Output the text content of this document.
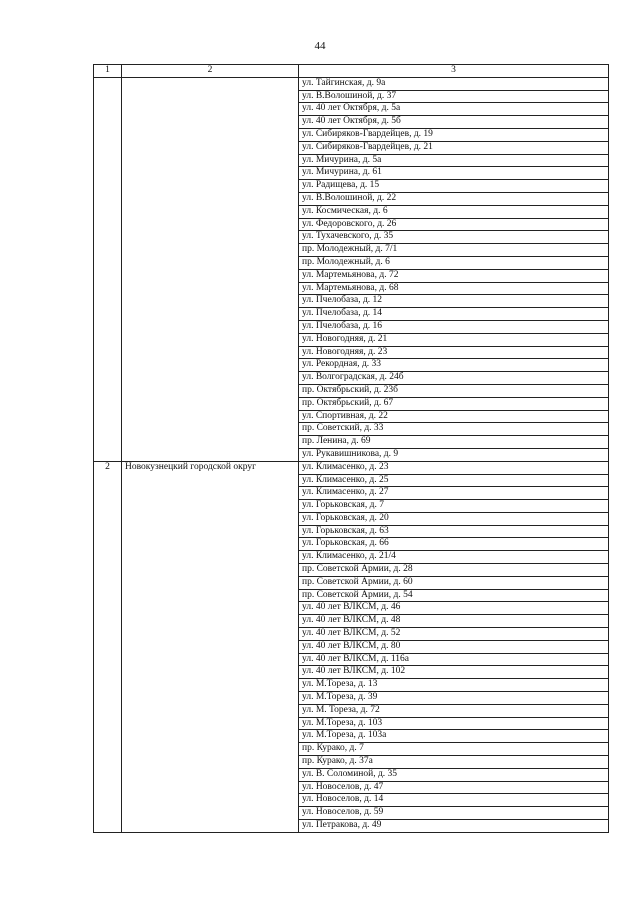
44
1	2	3
		ул. Тайгинская, д. 9а
		ул. В.Волошиной, д. 37
		ул. 40 лет Октября, д. 5а
		ул. 40 лет Октября, д. 5б
		ул. Сибиряков-Гвардейцев, д. 19
		ул. Сибиряков-Гвардейцев, д. 21
		ул. Мичурина, д. 5а
		ул. Мичурина, д. 61
		ул. Радищева, д. 15
		ул. В.Волошиной, д. 22
		ул. Космическая, д. 6
		ул. Федоровского, д. 26
		ул. Тухачевского, д. 35
		пр. Молодежный, д. 7/1
		пр. Молодежный, д. 6
		ул. Мартемьянова, д. 72
		ул. Мартемьянова, д. 68
		ул. Пчелобаза, д. 12
		ул. Пчелобаза, д. 14
		ул. Пчелобаза, д. 16
		ул. Новогодняя, д. 21
		ул. Новогодняя, д. 23
		ул. Рекордная, д. 33
		ул. Волгоградская, д. 24б
		пр. Октябрьский, д. 23б
		пр. Октябрьский, д. 67
		ул. Спортивная, д. 22
		пр. Советский, д. 33
		пр. Ленина, д. 69
		ул. Рукавишникова, д. 9
2	Новокузнецкий городской округ	ул. Климасенко, д. 23
		ул. Климасенко, д. 25
		ул. Климасенко, д. 27
		ул. Горьковская, д. 7
		ул. Горьковская, д. 20
		ул. Горьковская, д. 63
		ул. Горьковская, д. 66
		ул. Климасенко, д. 21/4
		пр. Советской Армии, д. 28
		пр. Советской Армии, д. 60
		пр. Советской Армии, д. 54
		ул. 40 лет ВЛКСМ, д. 46
		ул. 40 лет ВЛКСМ, д. 48
		ул. 40 лет ВЛКСМ, д. 52
		ул. 40 лет ВЛКСМ, д. 80
		ул. 40 лет ВЛКСМ, д. 116а
		ул. 40 лет ВЛКСМ, д. 102
		ул. М.Тореза, д. 13
		ул. М.Тореза, д. 39
		ул. М. Тореза, д. 72
		ул. М.Тореза, д. 103
		ул. М.Тореза, д. 103а
		пр. Курако, д. 7
		пр. Курако, д. 37а
		ул. В. Соломиной, д. 35
		ул. Новоселов, д. 47
		ул. Новоселов, д. 14
		ул. Новоселов, д. 59
		ул. Петракова, д. 49
